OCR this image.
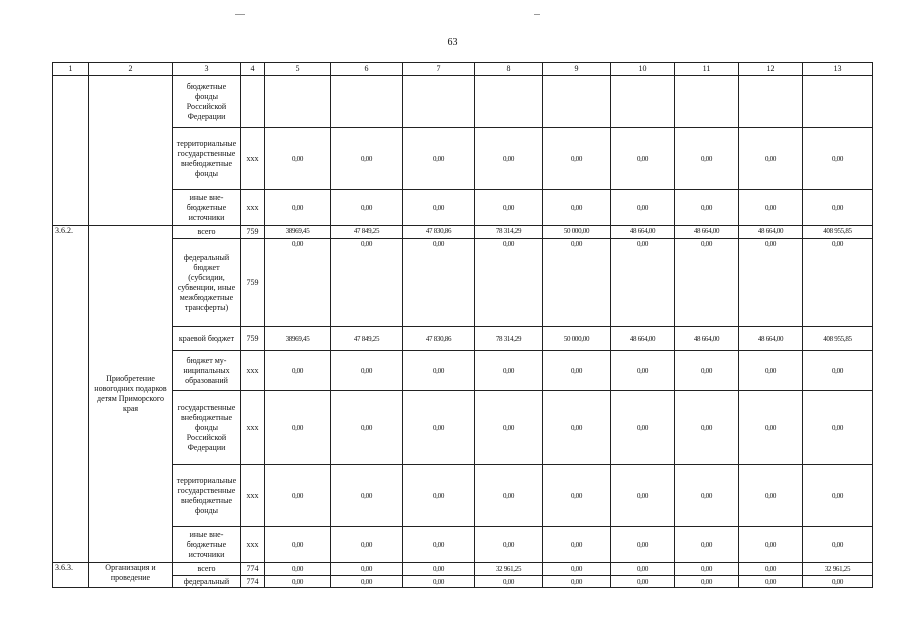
63
1	2	3	4	5	6	7	8	9	10	11	12	13
		бюджетные фонды Российской Федерации										
		территориальные государственные внебюджетные фонды	xxx	0,00	0,00	0,00	0,00	0,00	0,00	0,00	0,00	0,00
		иные внебюджетные источники	xxx	0,00	0,00	0,00	0,00	0,00	0,00	0,00	0,00	0,00
3.6.2.	Приобретение новогодних подарков детям Приморского края	всего	759	38969,45	47 849,25	47 830,86	78 314,29	50 000,00	48 664,00	48 664,00	48 664,00	408 955,85
		федеральный бюджет (субсидии, субвенции, иные межбюджетные трансферты)	759	0,00	0,00	0,00	0,00	0,00	0,00	0,00	0,00	0,00
		краевой бюджет	759	38969,45	47 849,25	47 830,86	78 314,29	50 000,00	48 664,00	48 664,00	48 664,00	408 955,85
		бюджет муниципальных образований	xxx	0,00	0,00	0,00	0,00	0,00	0,00	0,00	0,00	0,00
		государственные внебюджетные фонды Российской Федерации	xxx	0,00	0,00	0,00	0,00	0,00	0,00	0,00	0,00	0,00
		территориальные государственные внебюджетные фонды	xxx	0,00	0,00	0,00	0,00	0,00	0,00	0,00	0,00	0,00
		иные внебюджетные источники	xxx	0,00	0,00	0,00	0,00	0,00	0,00	0,00	0,00	0,00
3.6.3.	Организация и проведение	всего	774	0,00	0,00	0,00	32 961,25	0,00	0,00	0,00	0,00	32 961,25
		федеральный	774	0,00	0,00	0,00	0,00	0,00	0,00	0,00	0,00	0,00
